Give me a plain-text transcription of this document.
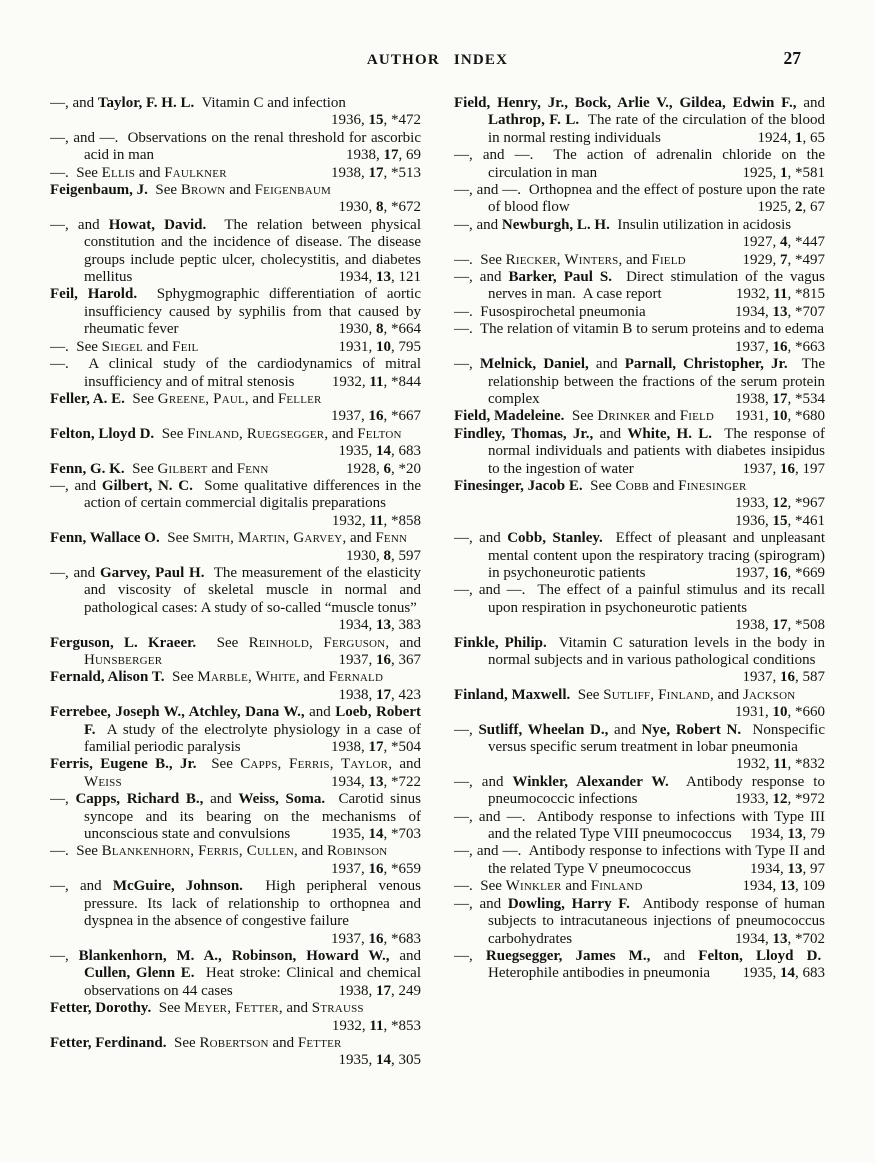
AUTHOR INDEX	27
—, and Taylor, F. H. L.  Vitamin C and infection
1936, 15, *472
—, and —.  Observations on the renal threshold for ascorbic acid in man	1938, 17, 69
—.  See Ellis and Faulkner	1938, 17, *513
Feigenbaum, J.  See Brown and Feigenbaum
1930, 8, *672
—, and Howat, David.  The relation between physical constitution and the incidence of disease. The disease groups include peptic ulcer, cholecystitis, and diabetes mellitus	1934, 13, 121
Feil, Harold.  Sphygmographic differentiation of aortic insufficiency caused by syphilis from that caused by rheumatic fever	1930, 8, *664
—.  See Siegel and Feil	1931, 10, 795
—.  A clinical study of the cardiodynamics of mitral insufficiency and of mitral stenosis 1932, 11, *844
Feller, A. E.  See Greene, Paul, and Feller
1937, 16, *667
Felton, Lloyd D.  See Finland, Ruegsegger, and Felton
1935, 14, 683
Fenn, G. K.  See Gilbert and Fenn	1928, 6, *20
—, and Gilbert, N. C.  Some qualitative differences in the action of certain commercial digitalis preparations
1932, 11, *858
Fenn, Wallace O.  See Smith, Martin, Garvey, and Fenn
1930, 8, 597
—, and Garvey, Paul H.  The measurement of the elasticity and viscosity of skeletal muscle in normal and pathological cases: A study of so-called “muscle tonus”
1934, 13, 383
Ferguson, L. Kraeer.  See Reinhold, Ferguson, and Hunsberger	1937, 16, 367
Fernald, Alison T.  See Marble, White, and Fernald
1938, 17, 423
Ferrebee, Joseph W., Atchley, Dana W., and Loeb, Robert F.  A study of the electrolyte physiology in a case of familial periodic paralysis	1938, 17, *504
Ferris, Eugene B., Jr.  See Capps, Ferris, Taylor, and Weiss	1934, 13, *722
—, Capps, Richard B., and Weiss, Soma.  Carotid sinus syncope and its bearing on the mechanisms of unconscious state and convulsions	1935, 14, *703
—.  See Blankenhorn, Ferris, Cullen, and Robinson
1937, 16, *659
—, and McGuire, Johnson.  High peripheral venous pressure. Its lack of relationship to orthopnea and dyspnea in the absence of congestive failure
1937, 16, *683
—, Blankenhorn, M. A., Robinson, Howard W., and Cullen, Glenn E.  Heat stroke: Clinical and chemical observations on 44 cases	1938, 17, 249
Fetter, Dorothy.  See Meyer, Fetter, and Strauss
1932, 11, *853
Fetter, Ferdinand.  See Robertson and Fetter
1935, 14, 305
Field, Henry, Jr., Bock, Arlie V., Gildea, Edwin F., and Lathrop, F. L.  The rate of the circulation of the blood in normal resting individuals	1924, 1, 65
—, and —.  The action of adrenalin chloride on the circulation in man	1925, 1, *581
—, and —.  Orthopnea and the effect of posture upon the rate of blood flow	1925, 2, 67
—, and Newburgh, L. H.  Insulin utilization in acidosis
1927, 4, *447
—.  See Riecker, Winters, and Field	1929, 7, *497
—, and Barker, Paul S.  Direct stimulation of the vagus nerves in man.  A case report	1932, 11, *815
—.  Fusospirochetal pneumonia	1934, 13, *707
—.  The relation of vitamin B to serum proteins and to edema
1937, 16, *663
—, Melnick, Daniel, and Parnall, Christopher, Jr.  The relationship between the fractions of the serum protein complex	1938, 17, *534
Field, Madeleine.  See Drinker and Field 1931, 10, *680
Findley, Thomas, Jr., and White, H. L.  The response of normal individuals and patients with diabetes insipidus to the ingestion of water	1937, 16, 197
Finesinger, Jacob E.  See Cobb and Finesinger
1933, 12, *967
1936, 15, *461
—, and Cobb, Stanley.  Effect of pleasant and unpleasant mental content upon the respiratory tracing (spirogram) in psychoneurotic patients	1937, 16, *669
—, and —.  The effect of a painful stimulus and its recall upon respiration in psychoneurotic patients
1938, 17, *508
Finkle, Philip.  Vitamin C saturation levels in the body in normal subjects and in various pathological conditions
1937, 16, 587
Finland, Maxwell.  See Sutliff, Finland, and Jackson
1931, 10, *660
—, Sutliff, Wheelan D., and Nye, Robert N.  Nonspecific versus specific serum treatment in lobar pneumonia
1932, 11, *832
—, and Winkler, Alexander W.  Antibody response to pneumococcic infections	1933, 12, *972
—, and —.  Antibody response to infections with Type III and the related Type VIII pneumococcus 1934, 13, 79
—, and —.  Antibody response to infections with Type II and the related Type V pneumococcus	1934, 13, 97
—.  See Winkler and Finland	1934, 13, 109
—, and Dowling, Harry F.  Antibody response of human subjects to intracutaneous injections of pneumococcus carbohydrates	1934, 13, *702
—, Ruegsegger, James M., and Felton, Lloyd D.  Heterophile antibodies in pneumonia 1935, 14, 683
